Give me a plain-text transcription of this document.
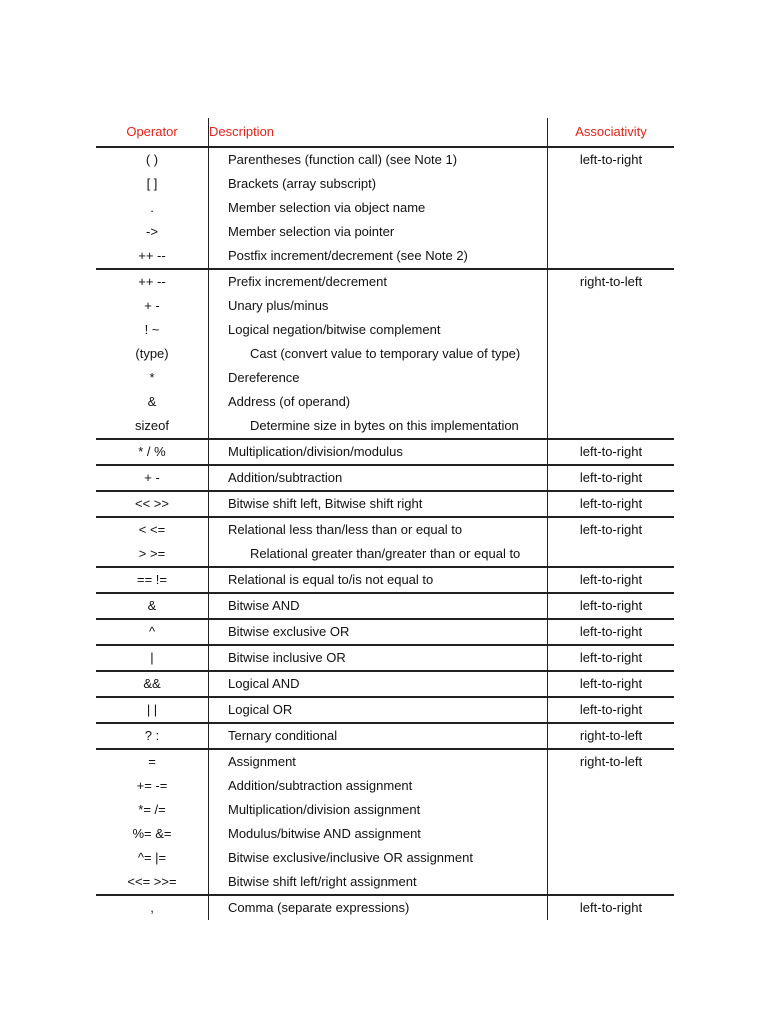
Operator	Description	Associativity
( )	Parentheses (function call) (see Note 1)	left-to-right
[ ]	Brackets (array subscript)
.	Member selection via object name
->	Member selection via pointer
++ --	Postfix increment/decrement (see Note 2)
++ --	Prefix increment/decrement	right-to-left
+ -	Unary plus/minus
! ~	Logical negation/bitwise complement
(type)	Cast (convert value to temporary value of type)
*	Dereference
&	Address (of operand)
sizeof	Determine size in bytes on this implementation
* / %	Multiplication/division/modulus	left-to-right
+ -	Addition/subtraction	left-to-right
<< >>	Bitwise shift left, Bitwise shift right	left-to-right
< <=	Relational less than/less than or equal to	left-to-right
> >=	Relational greater than/greater than or equal to
== !=	Relational is equal to/is not equal to	left-to-right
&	Bitwise AND	left-to-right
^	Bitwise exclusive OR	left-to-right
|	Bitwise inclusive OR	left-to-right
&&	Logical AND	left-to-right
| |	Logical OR	left-to-right
? :	Ternary conditional	right-to-left
=	Assignment	right-to-left
+= -=	Addition/subtraction assignment
*= /=	Multiplication/division assignment
%= &=	Modulus/bitwise AND assignment
^= |=	Bitwise exclusive/inclusive OR assignment
<<= >>=	Bitwise shift left/right assignment
,	Comma (separate expressions)	left-to-right
